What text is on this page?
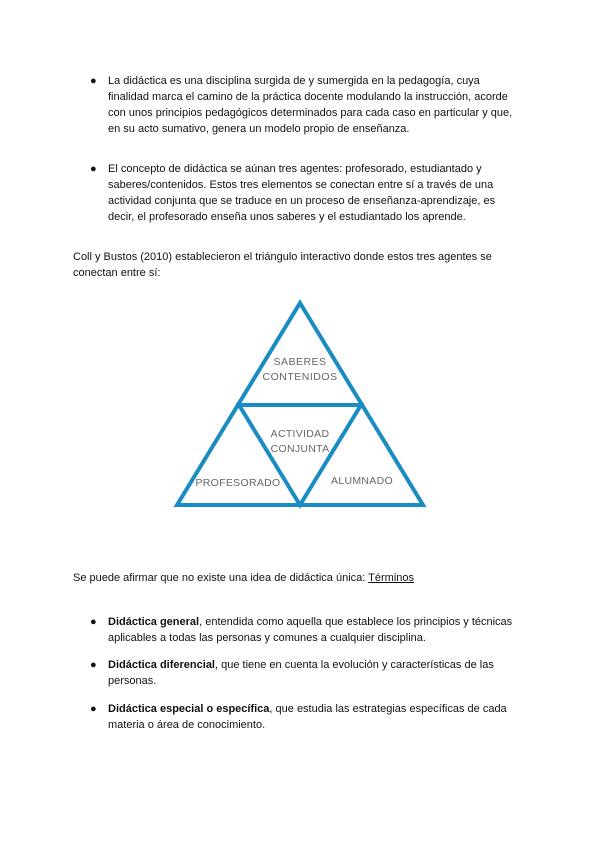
● La didáctica es una disciplina surgida de y sumergida en la pedagogía, cuya finalidad marca el camino de la práctica docente modulando la instrucción, acorde con unos principios pedagógicos determinados para cada caso en particular y que, en su acto sumativo, genera un modelo propio de enseñanza.
● El concepto de didáctica se aúnan tres agentes: profesorado, estudiantado y saberes/contenidos. Estos tres elementos se conectan entre sí a través de una actividad conjunta que se traduce en un proceso de enseñanza-aprendizaje, es decir, el profesorado enseña unos saberes y el estudiantado los aprende.
Coll y Bustos (2010) establecieron el triángulo interactivo donde estos tres agentes se conectan entre sí:
SABERES
CONTENIDOS
ACTIVIDAD
CONJUNTA
PROFESORADO	ALUMNADO
Se puede afirmar que no existe una idea de didáctica única: Términos
● Didáctica general, entendida como aquella que establece los principios y técnicas aplicables a todas las personas y comunes a cualquier disciplina.
● Didáctica diferencial, que tiene en cuenta la evolución y características de las personas.
● Didáctica especial o específica, que estudia las estrategias específicas de cada materia o área de conocimiento.
